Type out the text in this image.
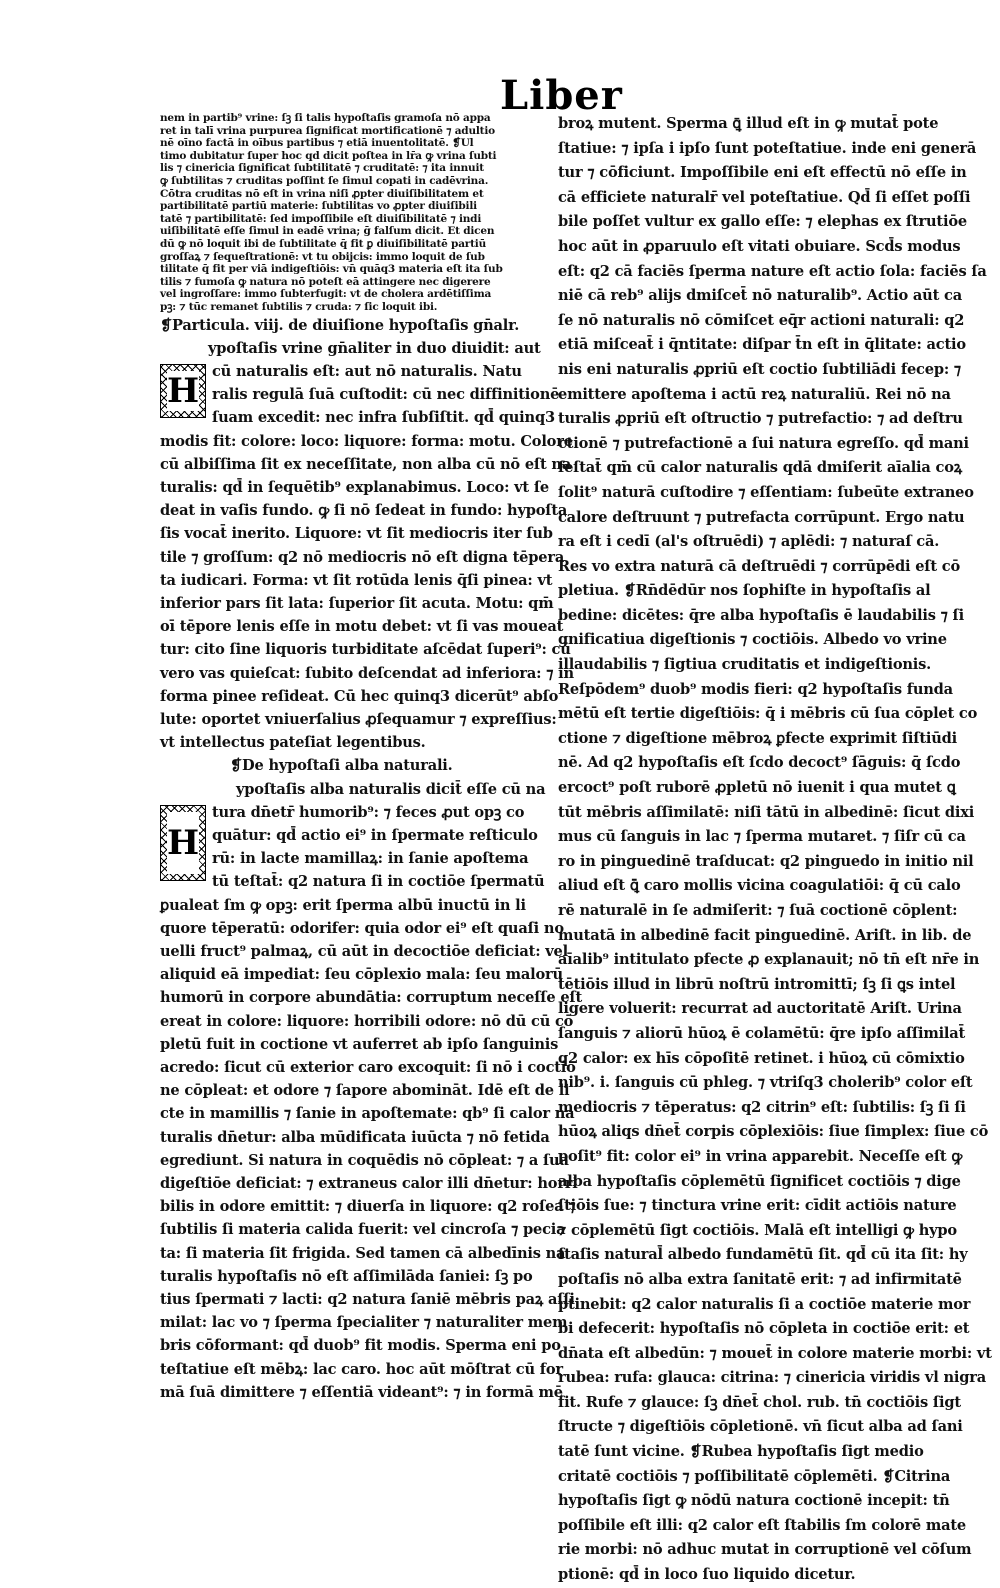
Liber
nem in partib⁹ vrine: ſꝫ ſi talis hypoſtaſis gramoſa nō appa
ret in talī vrina purpurea ſignificat mortificationē ⁊ adultio
nē oīno factā in oībus partibus ⁊ etiā inuentolitatē. ❡Ul
timo dubitatur ſuper hoc qd dicit poſtea in lr̄a ꝙ vrina ſubti
lis ⁊ cinericia ſignificat ſubtilitatē ⁊ cruditatē: ⁊ ita innuit
ꝙ ſubtilitas ⁊ cruditas poſſint ſe ſimul copati in cadēvrina.
Cōtra cruditas nō eſt in vrina niſi ꝓpter diuiſibilitatem et
partibilitatē partiū materie: ſubtilitas vo ꝓpter diuiſibili
tatē ⁊ partibilitatē: ſed impoſſibile eſt diuiſibilitatē ⁊ indi
uiſibilitatē eſſe ſimul in eadē vrina; ḡ falſum dicit. Et dicen
dū ꝙ nō loquit ibi de ſubtilitate q̄ fit ꝑ diuiſibilitatē partiū
groſſaꝝ ⁊ ſequeſtrationē: vt tu obijcis: immo loquit de ſub
tilitate q̄ fit per viā indigeſtiōis: vn̄ quāq3 materia eſt ita ſub
tilis ⁊ fumoſa ꝙ natura nō poteſt eā attingere nec digerere
vel ingroſſare: immo ſubterfugit: vt de cholera ardētiſſima
pꝫ: ⁊ tūc remanet ſubtilis ⁊ cruda: ⁊ ſic loquit ibi.
❡Particula. viij. de diuiſione hypoſtaſis gn̄alr.
ypoſtaſis vrine gn̄aliter in duo diuidit: aut
H cū naturalis eſt: aut nō naturalis. Natu
ralis regulā ſuā cuſtodit: cū nec diffinitionē
ſuam excedit: nec infra ſubſiſtit. qd̄ quinq3
modis fit: colore: loco: liquore: forma: motu. Colore
cū albiſſima ſit ex neceſſitate, non alba cū nō eſt na
turalis: qd̄ in ſequētib⁹ explanabimus. Loco: vt ſe
deat in vaſis fundo. ꝙ ſi nō ſedeat in fundo: hypoſta
ſis vocat̄ inerito. Liquore: vt ſit mediocris iter ſub
tile ⁊ groſſum: q2 nō mediocris nō eſt digna tēpera
ta iudicari. Forma: vt ſit rotūda lenis q̄ſi pinea: vt
inferior pars ſit lata: ſuperior ſit acuta. Motu: qm̄
oī tēpore lenis eſſe in motu debet: vt ſi vas moueat
tur: cito ſine liquoris turbiditate aſcēdat ſuperi⁹: cū
vero vas quieſcat: ſubito deſcendat ad inferiora: ⁊ in
forma pinee reſideat. Cū hec quinq3 dicerūt⁹ abſo
lute: oportet vniuerſalius ꝓſequamur ⁊ expreſſius:
vt intellectus pateſiat legentibus.
❡De hypoſtaſi alba naturali.
ypoſtaſis alba naturalis dicit̄ eſſe cū na
H
tura dn̄etr̄ humorib⁹: ⁊ feces ꝓut opꝫ co
quātur: qd̄ actio ei⁹ in ſpermate reſticulo
rū: in lacte mamillaꝝ: in ſanie apoſtema
tū teſtat̄: q2 natura ſi in coctiōe ſpermatū
ꝑualeat ſm ꝙ opꝫ: erit ſperma albū inuctū in li
quore tēperatū: odorifer: quia odor ei⁹ eſt quaſi no
uelli fruct⁹ palmaꝝ, cū aūt in decoctiōe deficiat: vel
aliquid eā impediat: ſeu cōplexio mala: ſeu malorū
humorū in corpore abundātia: corruptum neceſſe eſt
ereat in colore: liquore: horribili odore: nō dū cū cō
pletū fuit in coctione vt auferret ab ipſo ſanguinis
acredo: ſicut cū exterior caro excoquit: ſi nō i coctio
ne cōpleat: et odore ⁊ ſapore abomināt. Idē eſt de li
cte in mamillis ⁊ ſanie in apoſtemate: qb⁹ ſi calor na
turalis dn̄etur: alba mūdificata iuūcta ⁊ nō fetida
egrediunt. Si natura in coquēdis nō cōpleat: ⁊ a ſua
digeſtiōe deficiat: ⁊ extraneus calor illi dn̄etur: horri
bilis in odore emittit: ⁊ diuerſa in liquore: q2 roſea ⁊
ſubtilis ſi materia calida fuerit: vel cincroſa ⁊ pecia
ta: ſi materia ſit frigida. Sed tamen cā albedīnis na
turalis hypoſtaſis nō eſt aſſimilāda ſaniei: ſꝫ po
tius ſpermati ⁊ lacti: q2 natura ſaniē mēbris paꝝ aſſi
milat: lac vo ⁊ ſperma ſpecialiter ⁊ naturaliter mem
bris cōformant: qd̄ duob⁹ fit modis. Sperma eni po
teſtatiue eſt mēbꝝ: lac caro. hoc aūt mōſtrat cū for
mā ſuā dimittere ⁊ eſſentiā videant⁹: ⁊ in formā mē
broꝝ mutent. Sperma ꝗ̄ illud eſt in ꝙ mutat̄ pote
ſtatiue: ⁊ ipſa i ipſo ſunt poteſtatiue. inde eni generā
tur ⁊ cōficiunt. Impoſſibile eni eſt effectū nō eſſe in
cā efficiete naturalr̄ vel poteſtatiue. Qd̄ ſi eſſet poſſi
bile poſſet vultur ex gallo eſſe: ⁊ elephas ex ſtrutiōe
hoc aūt in ꝓparuulo eſt vitati obuiare. Scd̄s modus
eſt: q2 cā faciēs ſperma nature eſt actio ſola: faciēs ſa
niē cā reb⁹ alijs dmiſcet̄ nō naturalib⁹. Actio aūt ca
ſe nō naturalis nō cōmiſcet eq̄r actioni naturali: q2
etiā miſceat̄ i q̄ntitate: diſpar t̄n eſt in q̄litate: actio
nis eni naturalis ꝓpriū eſt coctio ſubtiliādi fecep: ⁊
emittere apoſtema i actū reꝝ naturaliū. Rei nō na
turalis ꝓpriū eſt oſtructio ⁊ putrefactio: ⁊ ad deſtru
ctionē ⁊ putrefactionē a ſui natura egreſſo. qd̄ mani
feſtat̄ qm̄ cū calor naturalis qdā dmiſerit aīalia coꝝ
ſolit⁹ naturā cuſtodire ⁊ eſſentiam: ſubeūte extraneo
calore deſtruunt ⁊ putrefacta corrūpunt. Ergo natu
ra eſt i cedī (al's oſtruēdi) ⁊ aplēdi: ⁊ naturaſ cā.
Res vo extra naturā cā deſtruēdi ⁊ corrūpēdi eſt cō
pletiua. ❡Rn̄dēdūr nos ſophiſte in hypoſtaſis al
bedine: dicētes: q̄re alba hypoſtaſis ē laudabilis ⁊ ſi
gnificatiua digeſtionis ⁊ coctiōis. Albedo vo vrine
illaudabilis ⁊ ſigtiua cruditatis et indigeſtionis.
Reſpōdem⁹ duob⁹ modis fieri: q2 hypoſtaſis funda
mētū eſt tertie digeſtiōis: q̄ i mēbris cū ſua cōplet co
ctione ⁊ digeſtione mēbroꝝ ꝑfecte exprimit ſiſtiūdi
nē. Ad q2 hypoſtaſis eſt ſcdo decoct⁹ ſāguis: q̄ ſcdo
ercoct⁹ poſt ruborē ꝓpletū nō iuenit i qua mutet ꝗ
tūt mēbris aſſimilatē: niſi tātū in albedinē: ſicut dixi
mus cū ſanguis in lac ⁊ ſperma mutaret. ⁊ ſiſr cū ca
ro in pinguedinē traſducat: q2 pinguedo in initio nil
aliud eſt ꝗ̄ caro mollis vicina coagulatiōi: q̄ cū calo
rē naturalē in ſe admiſerit: ⁊ ſuā coctionē cōplent:
mutatā in albedinē facit pinguedinē. Ariſt. in lib. de
aīalib⁹ intitulato pfecte ꝓ explanauit; nō tn̄ eſt nr̄e in
tētiōis illud in librū noſtrū intromittī; ſꝫ ſi ꝗs intel
ligere voluerit: recurrat ad auctoritatē Ariſt. Urina
ſanguis ⁊ aliorū hūoꝝ ē colamētū: q̄re ipſo aſſimilat̄
q2 calor: ex hīs cōpoſitē retinet. i hūoꝝ cū cōmixtio
nib⁹. i. ſanguis cū phleg. ⁊ vtriſq3 cholerib⁹ color eſt
mediocris ⁊ tēperatus: q2 citrin⁹ eſt: ſubtilis: ſꝫ ſi ſi
hūoꝝ aliqs dn̄et̄ corpis cōplexiōis: ſiue ſimplex: ſiue cō
poſit⁹ fit: color ei⁹ in vrina apparebit. Neceſſe eſt ꝙ
alba hypoſtaſis cōplemētū ſignificet coctiōis ⁊ dige
ſtiōis ſue: ⁊ tinctura vrine erit: cīdit actiōis nature
⁊ cōplemētū ſigt coctiōis. Malā eſt intelligi ꝙ hypo
ſtaſis natural̄ albedo fundamētū ſit. qd̄ cū ita ſit: hy
poſtaſis nō alba extra ſanitatē erit: ⁊ ad infirmitatē
ptinebit: q2 calor naturalis ſi a coctiōe materie mor
bi defecerit: hypoſtaſis nō cōpleta in coctiōe erit: et
dn̄ata eſt albedūn: ⁊ mouet̄ in colore materie morbi: vt
rubea: rufa: glauca: citrina: ⁊ cinericia viridis vl nigra
fit. Rufe ⁊ glauce: ſꝫ dn̄et̄ chol. rub. tn̄ coctiōis ſigt
ſtructe ⁊ digeſtiōis cōpletionē. vn̄ ſicut alba ad ſani
tatē ſunt vicine. ❡Rubea hypoſtaſis ſigt medio
critatē coctiōis ⁊ poſſibilitatē cōplemēti. ❡Citrina
hypoſtaſis ſigt ꝙ nōdū natura coctionē incepit: tn̄
poſſibile eſt illi: q2 calor eſt ſtabilis ſm colorē mate
rie morbi: nō adhuc mutat in corruptionē vel cōſum
ptionē: qd̄ in loco ſuo liquido dicetur.
